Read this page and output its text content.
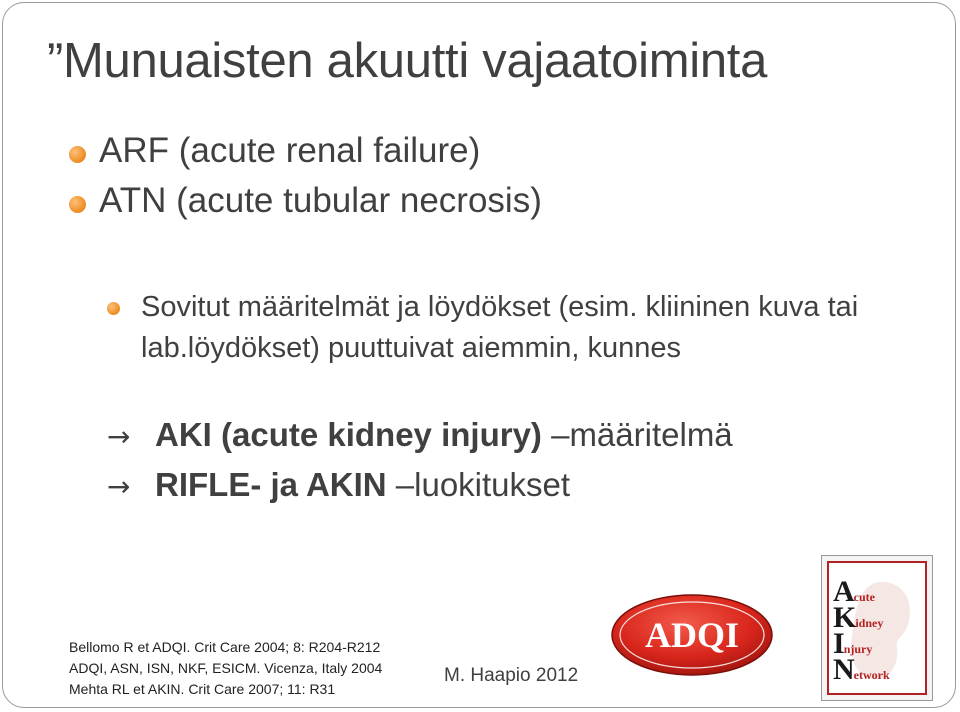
”Munuaisten akuutti vajaatoiminta
ARF (acute renal failure)
ATN (acute tubular necrosis)
Sovitut määritelmät ja löydökset (esim. kliininen kuva tai lab.löydökset) puuttuivat aiemmin, kunnes
→ AKI (acute kidney injury) –määritelmä
→ RIFLE- ja AKIN –luokitukset
Bellomo R et ADQI. Crit Care 2004; 8: R204-R212
ADQI, ASN, ISN, NKF, ESICM. Vicenza, Italy 2004
Mehta RL et AKIN. Crit Care 2007; 11: R31
M. Haapio 2012
ADQI
Acute
Kidney
Injury
Network
